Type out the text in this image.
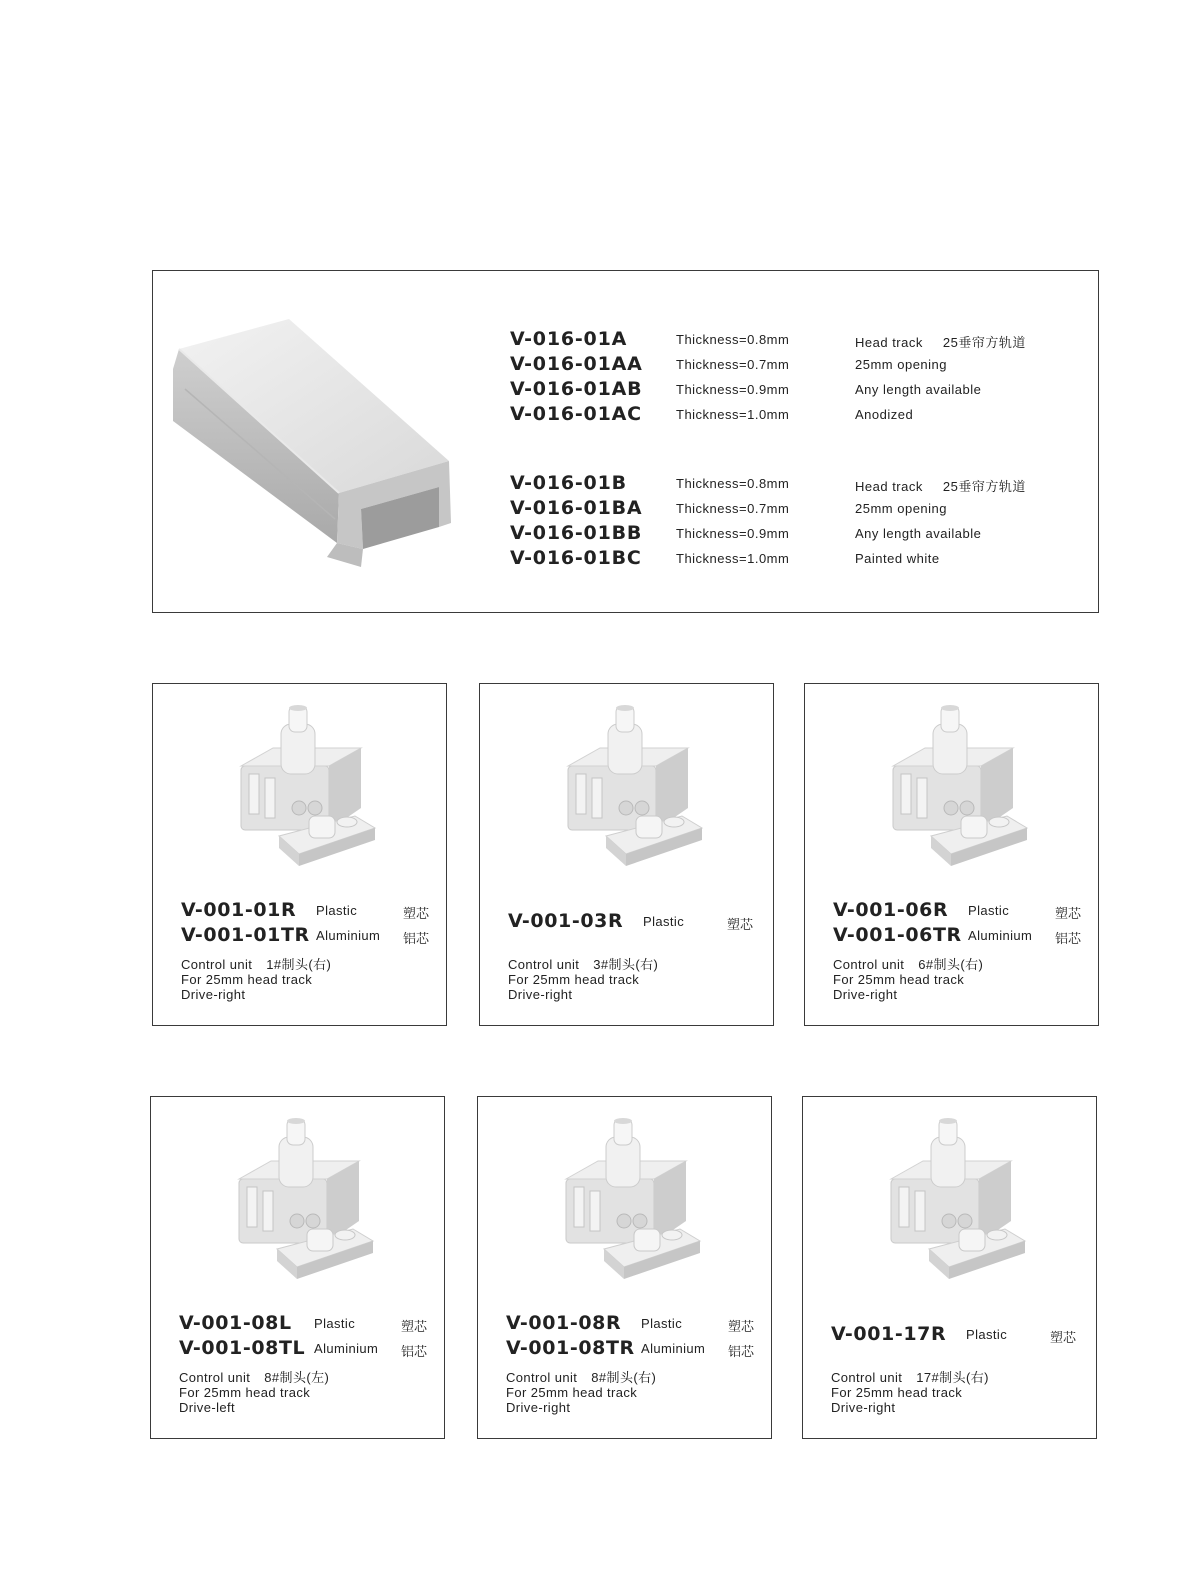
V-016-01A	Thickness=0.8mm	Head track 25垂帘方轨道
V-016-01AA	Thickness=0.7mm	25mm opening
V-016-01AB	Thickness=0.9mm	Any length available
V-016-01AC	Thickness=1.0mm	Anodized
V-016-01B	Thickness=0.8mm	Head track 25垂帘方轨道
V-016-01BA	Thickness=0.7mm	25mm opening
V-016-01BB	Thickness=0.9mm	Any length available
V-016-01BC	Thickness=1.0mm	Painted white
V-001-01R Plastic	塑芯
V-001-01TR Aluminium 铝芯
Control unit 1#制头(右)
For 25mm head track
Drive-right
V-001-03R Plastic	塑芯
Control unit 3#制头(右)
For 25mm head track
Drive-right
V-001-06R Plastic	塑芯
V-001-06TR Aluminium 铝芯
Control unit 6#制头(右)
For 25mm head track
Drive-right
V-001-08L Plastic	塑芯
V-001-08TL Aluminium 铝芯
Control unit 8#制头(左)
For 25mm head track
Drive-left
V-001-08R Plastic	塑芯
V-001-08TR Aluminium 铝芯
Control unit 8#制头(右)
For 25mm head track
Drive-right
V-001-17R Plastic	塑芯
Control unit 17#制头(右)
For 25mm head track
Drive-right
